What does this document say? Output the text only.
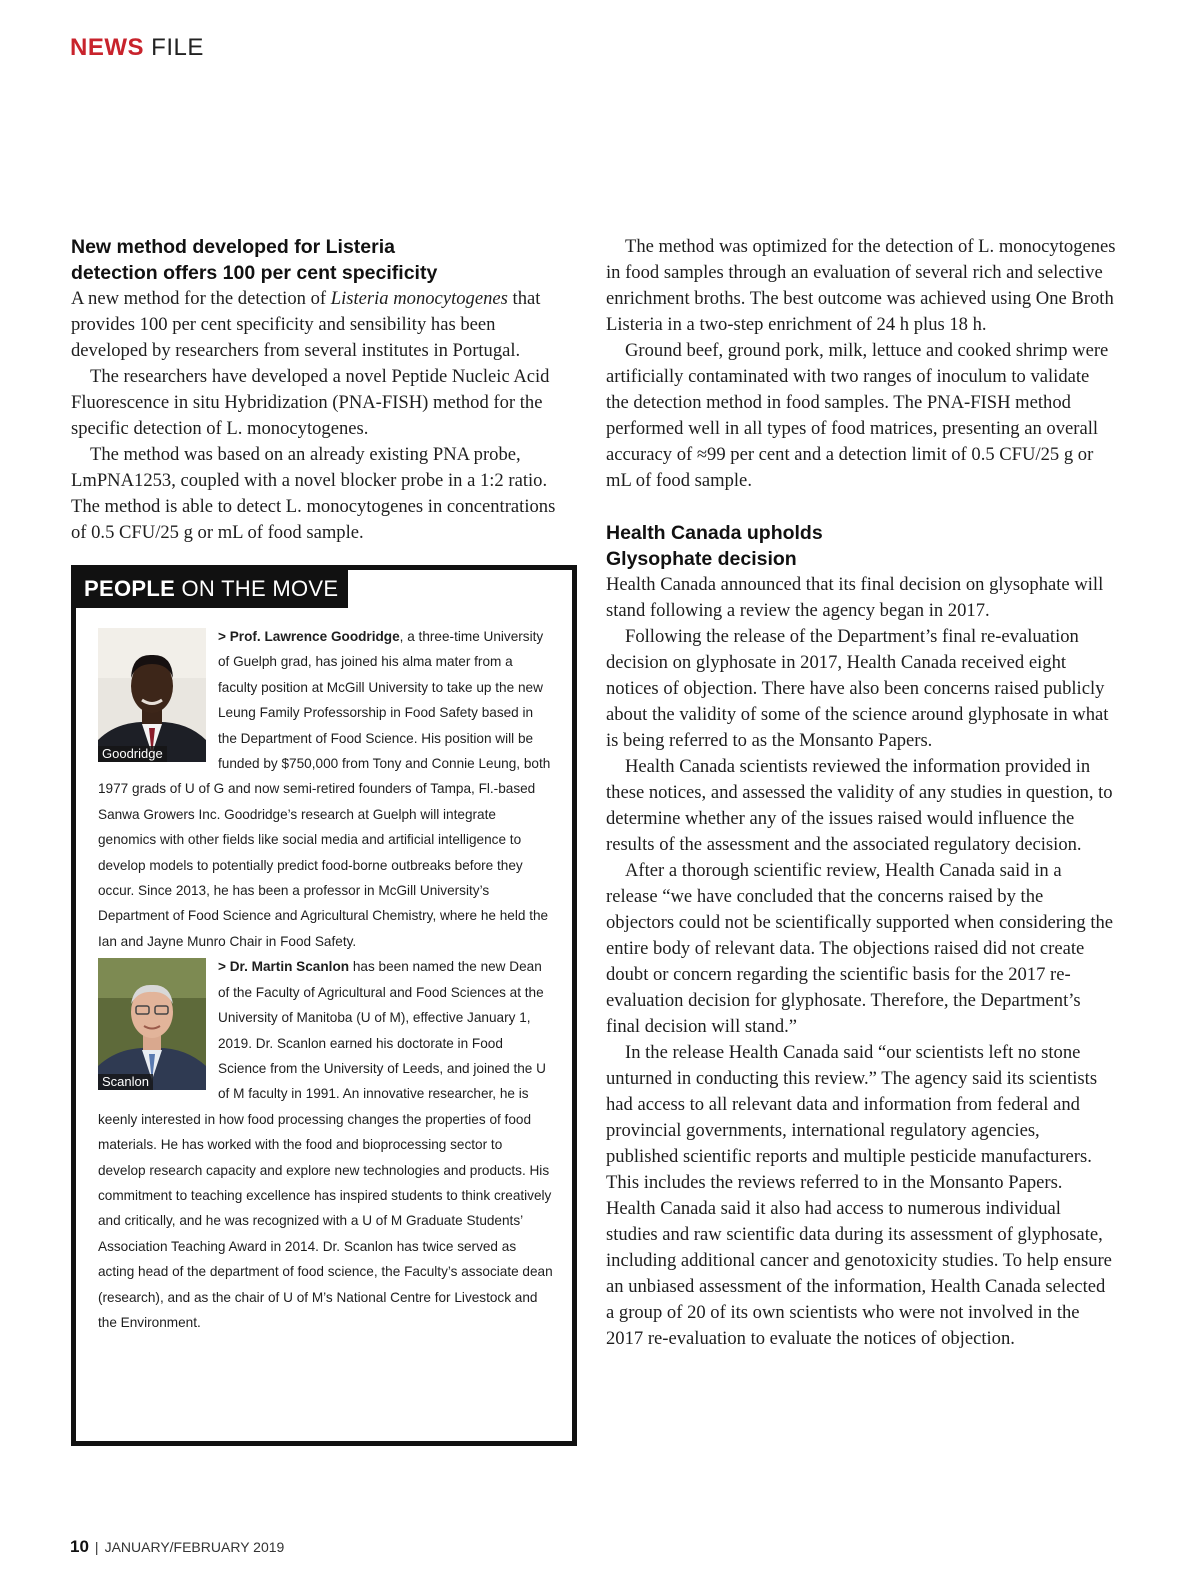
NEWS FILE
New method developed for Listeria
detection offers 100 per cent specificity

A new method for the detection of Listeria monocytogenes that provides 100 per cent specificity and sensibility has been developed by researchers from several institutes in Portugal.

The researchers have developed a novel Peptide Nucleic Acid Fluorescence in situ Hybridization (PNA-FISH) method for the specific detection of L. monocytogenes.

The method was based on an already existing PNA probe, LmPNA1253, coupled with a novel blocker probe in a 1:2 ratio. The method is able to detect L. monocytogenes in concentrations of 0.5 CFU/25 g or mL of food sample.

The method was optimized for the detection of L. monocytogenes in food samples through an evaluation of several rich and selective enrichment broths. The best outcome was achieved using One Broth Listeria in a two-step enrichment of 24 h plus 18 h.

Ground beef, ground pork, milk, lettuce and cooked shrimp were artificially contaminated with two ranges of inoculum to validate the detection method in food samples. The PNA-FISH method performed well in all types of food matrices, presenting an overall accuracy of ≈99 per cent and a detection limit of 0.5 CFU/25 g or mL of food sample.

Health Canada upholds
Glysophate decision

Health Canada announced that its final decision on glysophate will stand following a review the agency began in 2017.

Following the release of the Department’s final re-evaluation decision on glyphosate in 2017, Health Canada received eight notices of objection. There have also been concerns raised publicly about the validity of some of the science around glyphosate in what is being referred to as the Monsanto Papers.

Health Canada scientists reviewed the information provided in these notices, and assessed the validity of any studies in question, to determine whether any of the issues raised would influence the results of the assessment and the associated regulatory decision.

After a thorough scientific review, Health Canada said in a release “we have concluded that the concerns raised by the objectors could not be scientifically supported when considering the entire body of relevant data. The objections raised did not create doubt or concern regarding the scientific basis for the 2017 re-evaluation decision for glyphosate. Therefore, the Department’s final decision will stand.”

In the release Health Canada said “our scientists left no stone unturned in conducting this review.” The agency said its scientists had access to all relevant data and information from federal and provincial governments, international regulatory agencies, published scientific reports and multiple pesticide manufacturers. This includes the reviews referred to in the Monsanto Papers. Health Canada said it also had access to numerous individual studies and raw scientific data during its assessment of glyphosate, including additional cancer and genotoxicity studies. To help ensure an unbiased assessment of the information, Health Canada selected a group of 20 of its own scientists who were not involved in the 2017 re-evaluation to evaluate the notices of objection.

PEOPLE ON THE MOVE
Goodridge

> Prof. Lawrence Goodridge, a three-time University of Guelph grad, has joined his alma mater from a faculty position at McGill University to take up the new Leung Family Professorship in Food Safety based in the Department of Food Science. His position will be funded by $750,000 from Tony and Connie Leung, both 1977 grads of U of G and now semi-retired founders of Tampa, Fl.-based Sanwa Growers Inc. Goodridge’s research at Guelph will integrate genomics with other fields like social media and artificial intelligence to develop models to potentially predict food-borne outbreaks before they occur. Since 2013, he has been a professor in McGill University’s Department of Food Science and Agricultural Chemistry, where he held the Ian and Jayne Munro Chair in Food Safety.

Scanlon

> Dr. Martin Scanlon has been named the new Dean of the Faculty of Agricultural and Food Sciences at the University of Manitoba (U of M), effective January 1, 2019. Dr. Scanlon earned his doctorate in Food Science from the University of Leeds, and joined the U of M faculty in 1991. An innovative researcher, he is keenly interested in how food processing changes the properties of food materials. He has worked with the food and bioprocessing sector to develop research capacity and explore new technologies and products. His commitment to teaching excellence has inspired students to think creatively and critically, and he was recognized with a U of M Graduate Students’ Association Teaching Award in 2014. Dr. Scanlon has twice served as acting head of the department of food science, the Faculty’s associate dean (research), and as the chair of U of M’s National Centre for Livestock and the Environment.

10 | JANUARY/FEBRUARY 2019
